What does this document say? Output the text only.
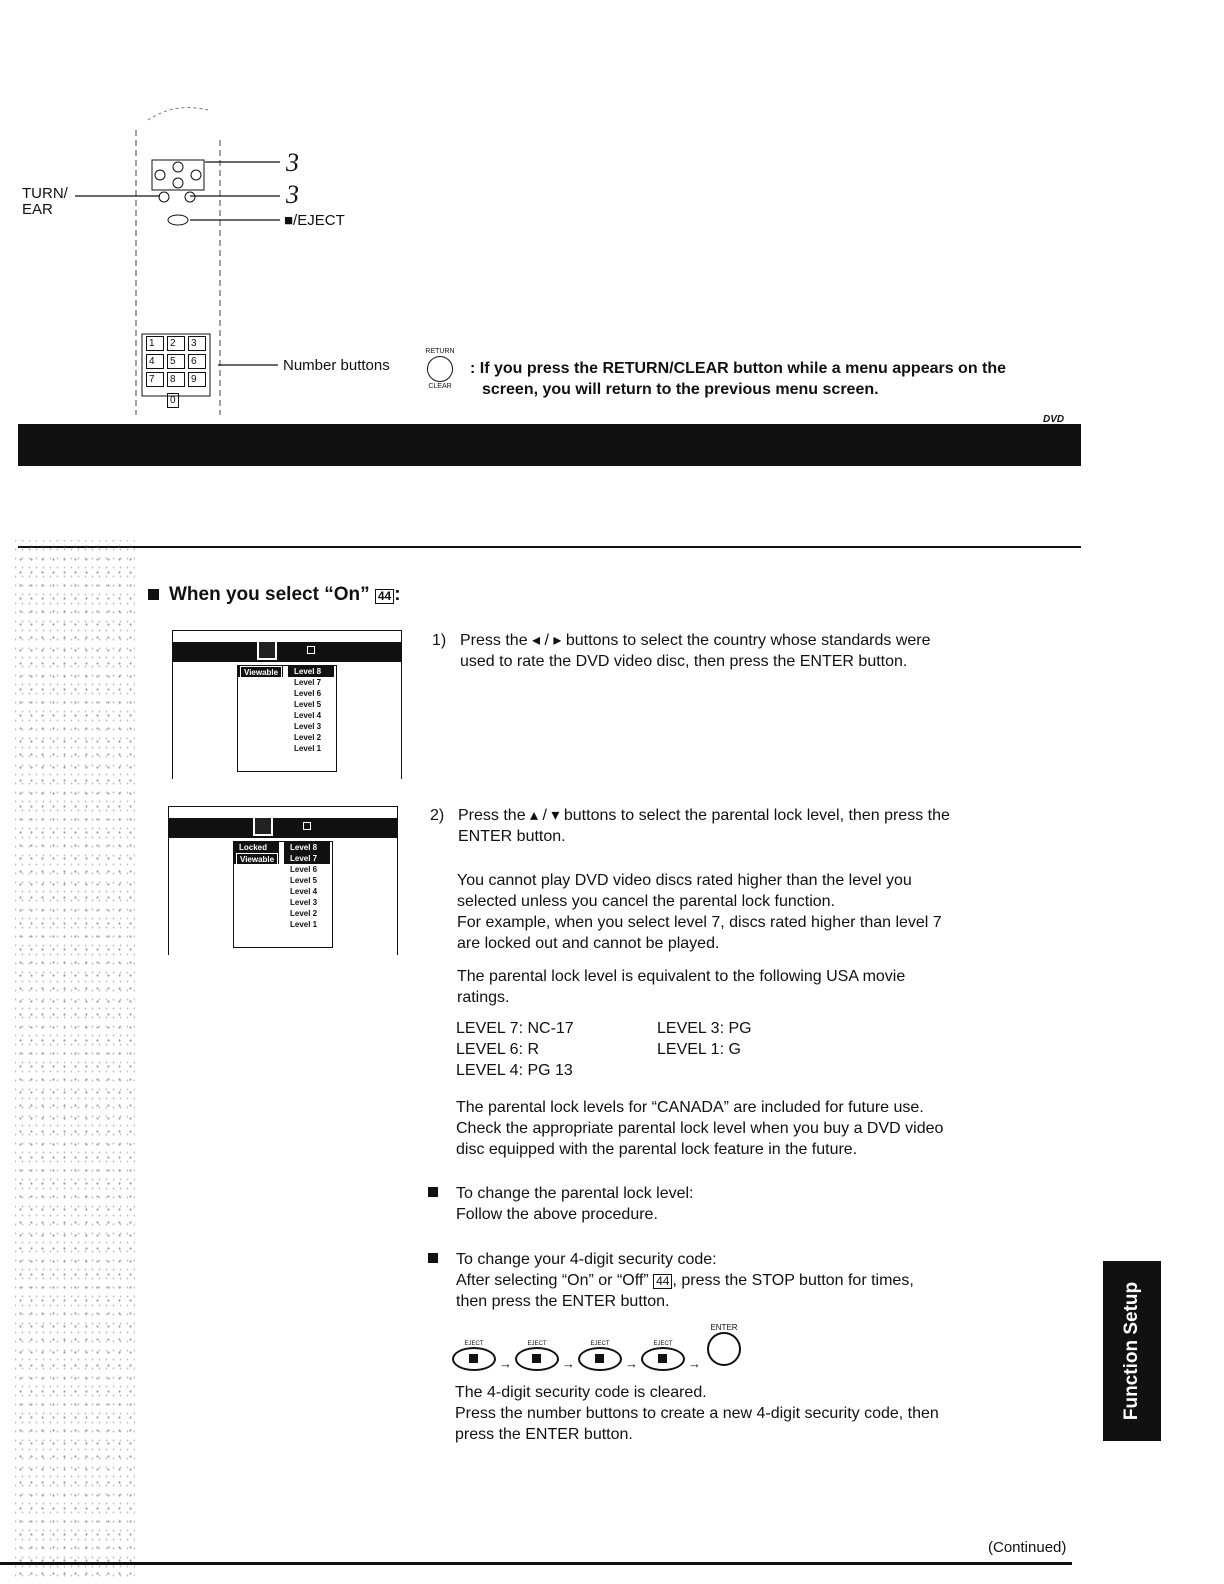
1	2	3
4	5	6
7	8	9
0
TURN/
EAR
3
3
■/EJECT
Number buttons
RETURN
CLEAR
: If you press the RETURN/CLEAR button while a menu appears on the
screen, you will return to the previous menu screen.
DVD
When you select “On” 44 :
Viewable	Level 8
Level 7
Level 6
Level 5
Level 4
Level 3
Level 2
Level 1
Locked
Viewable
Level 8
Level 7
Level 6
Level 5
Level 4
Level 3
Level 2
Level 1
1) Press the ◂ / ▸ buttons to select the country whose standards were
used to rate the DVD video disc, then press the ENTER button.
2) Press the ▴ / ▾ buttons to select the parental lock level, then press the
ENTER button.
You cannot play DVD video discs rated higher than the level you
selected unless you cancel the parental lock function.
For example, when you select level 7, discs rated higher than level 7
are locked out and cannot be played.
The parental lock level is equivalent to the following USA movie
ratings.
LEVEL 7: NC-17
LEVEL 6: R
LEVEL 4: PG 13
LEVEL 3: PG
LEVEL 1: G
The parental lock levels for “CANADA” are included for future use.
Check the appropriate parental lock level when you buy a DVD video
disc equipped with the parental lock feature in the future.
To change the parental lock level:
Follow the above procedure.
To change your 4-digit security code:
After selecting “On” or “Off” 44 , press the STOP button for times,
then press the ENTER button.
EJECT
→
EJECT
→
EJECT
→
EJECT
→
ENTER
The 4-digit security code is cleared.
Press the number buttons to create a new 4-digit security code, then
press the ENTER button.
Function Setup
(Continued)
